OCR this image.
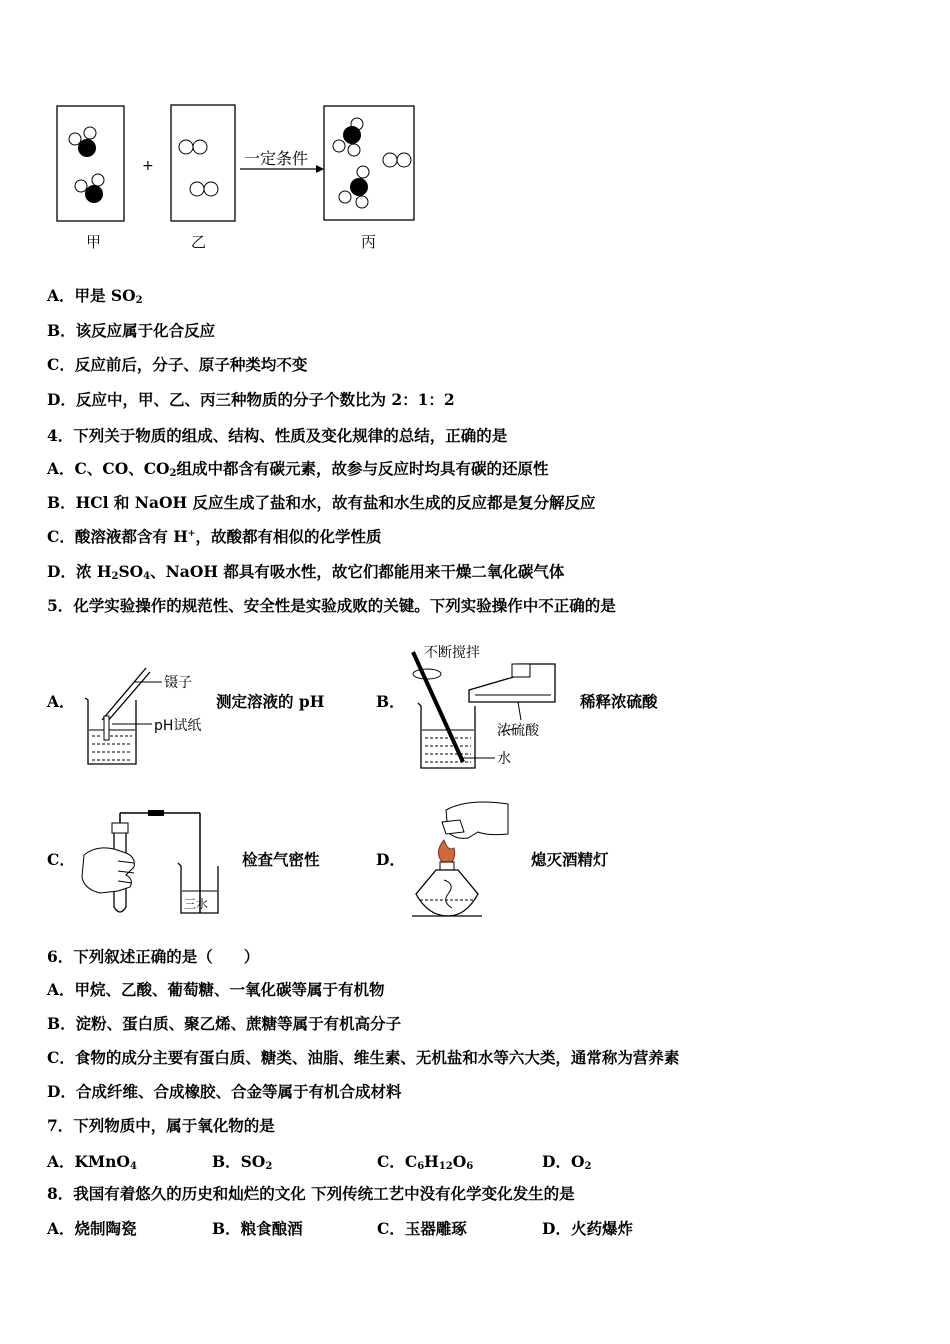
+	一定条件
甲	乙	丙
A．甲是 $SO_2$
B．该反应属于化合反应
C．反应前后，分子、原子种类均不变
D．反应中，甲、乙、丙三种物质的分子个数比为 2：1：2
4．下列关于物质的组成、结构、性质及变化规律的总结，正确的是
A．C、CO、$CO_2$组成中都含有碳元素，故参与反应时均具有碳的还原性
B．HCl 和 NaOH 反应生成了盐和水，故有盐和水生成的反应都是复分解反应
C．酸溶液都含有 H+，故酸都有相似的化学性质
D．浓 $H_2SO_4$、NaOH 都具有吸水性，故它们都能用来干燥二氧化碳气体
5．化学实验操作的规范性、安全性是实验成败的关键。下列实验操作中不正确的是
A．
镊子
pH试纸
测定溶液的 pH	B．
不断搅拌
浓硫酸
水
稀释浓硫酸
C．
三水
检查气密性	D．	熄灭酒精灯
6．下列叙述正确的是（　　）
A．甲烷、乙酸、葡萄糖、一氧化碳等属于有机物
B．淀粉、蛋白质、聚乙烯、蔗糖等属于有机高分子
C．食物的成分主要有蛋白质、糖类、油脂、维生素、无机盐和水等六大类，通常称为营养素
D．合成纤维、合成橡胶、合金等属于有机合成材料
7．下列物质中，属于氧化物的是
A．KMnO$_4$	B．$SO_2$	C．$C_6H_{12}O_6$	D．$O_2$
8．我国有着悠久的历史和灿烂的文化 下列传统工艺中没有化学变化发生的是
A．烧制陶瓷	B．粮食酿酒	C．玉器雕琢	D．火药爆炸
